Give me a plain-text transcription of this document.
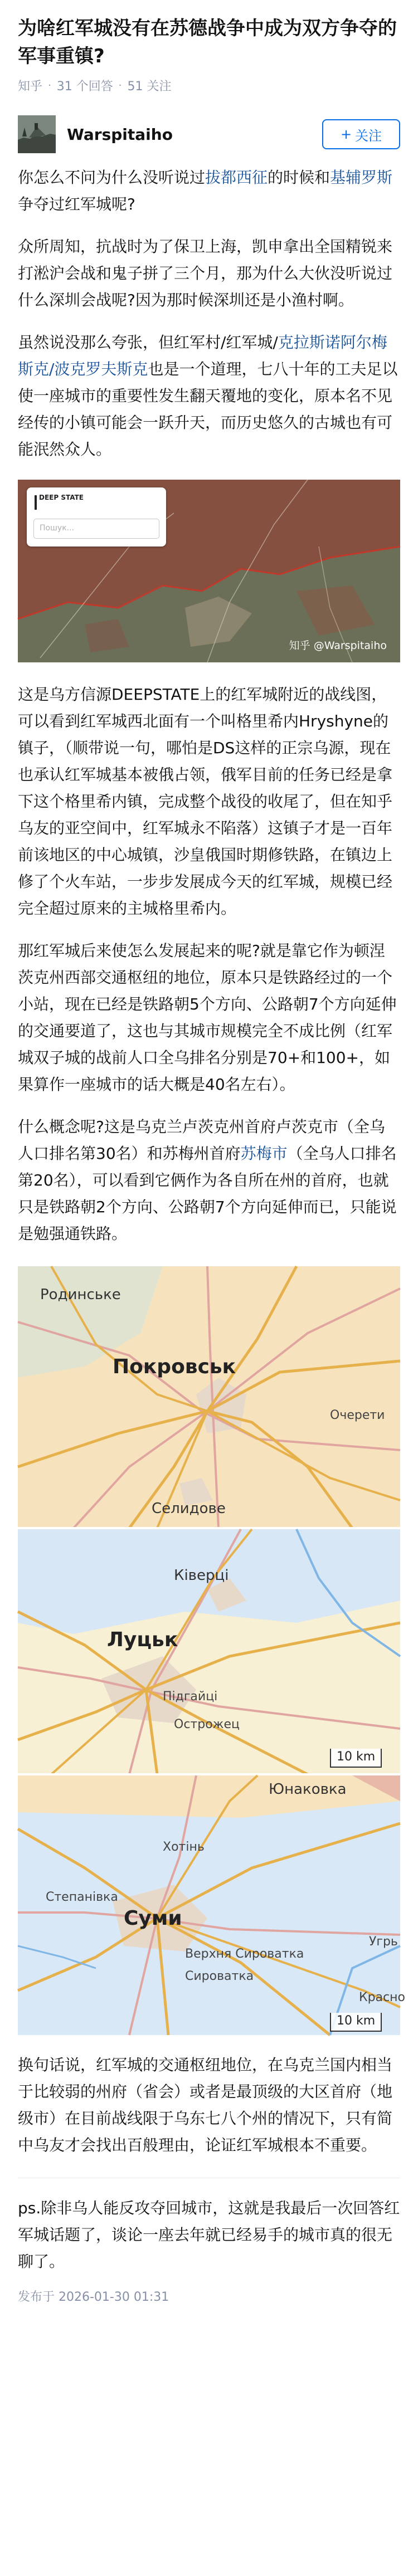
为啥红军城没有在苏德战争中成为双方争夺的军事重镇?
知乎 · 31 个回答 · 51 关注
Warspitaiho	+ 关注

你怎么不问为什么没听说过拔都西征的时候和基辅罗斯争夺过红军城呢?

众所周知，抗战时为了保卫上海，凯申拿出全国精锐来打淞沪会战和鬼子拼了三个月，那为什么大伙没听说过什么深圳会战呢?因为那时候深圳还是小渔村啊。

虽然说没那么夸张，但红军村/红军城/克拉斯诺阿尔梅斯克/波克罗夫斯克也是一个道理，七八十年的工夫足以使一座城市的重要性发生翻天覆地的变化，原本名不见经传的小镇可能会一跃升天，而历史悠久的古城也有可能泯然众人。

DEEP STATE
Пошук...
知乎 @Warspitaiho

这是乌方信源DEEPSTATE上的红军城附近的战线图，可以看到红军城西北面有一个叫格里希内Hryshyne的镇子，（顺带说一句，哪怕是DS这样的正宗乌源，现在也承认红军城基本被俄占领，俄军目前的任务已经是拿下这个格里希内镇，完成整个战役的收尾了，但在知乎乌友的亚空间中，红军城永不陷落）这镇子才是一百年前该地区的中心城镇，沙皇俄国时期修铁路，在镇边上修了个火车站，一步步发展成今天的红军城，规模已经完全超过原来的主城格里希内。

那红军城后来使怎么发展起来的呢?就是靠它作为顿涅茨克州西部交通枢纽的地位，原本只是铁路经过的一个小站，现在已经是铁路朝5个方向、公路朝7个方向延伸的交通要道了，这也与其城市规模完全不成比例（红军城双子城的战前人口全乌排名分别是70+和100+，如果算作一座城市的话大概是40名左右）。

什么概念呢?这是乌克兰卢茨克州首府卢茨克市（全乌人口排名第30名）和苏梅州首府苏梅市（全乌人口排名第20名），可以看到它俩作为各自所在州的首府，也就只是铁路朝2个方向、公路朝7个方向延伸而已，只能说是勉强通铁路。

Родинське
Покровськ
Селидове
Очерети
Ківерці
Луцьк
Підгайці
Острожец
10 km
Юнаковка
Хотінь
Степанівка
Суми
Верхня Сироватка
Сироватка
Угрь
Красно
10 km

换句话说，红军城的交通枢纽地位，在乌克兰国内相当于比较弱的州府（省会）或者是最顶级的大区首府（地级市）在目前战线限于乌东七八个州的情况下，只有简中乌友才会找出百般理由，论证红军城根本不重要。

ps.除非乌人能反攻夺回城市，这就是我最后一次回答红军城话题了，谈论一座去年就已经易手的城市真的很无聊了。

发布于 2026-01-30 01:31
